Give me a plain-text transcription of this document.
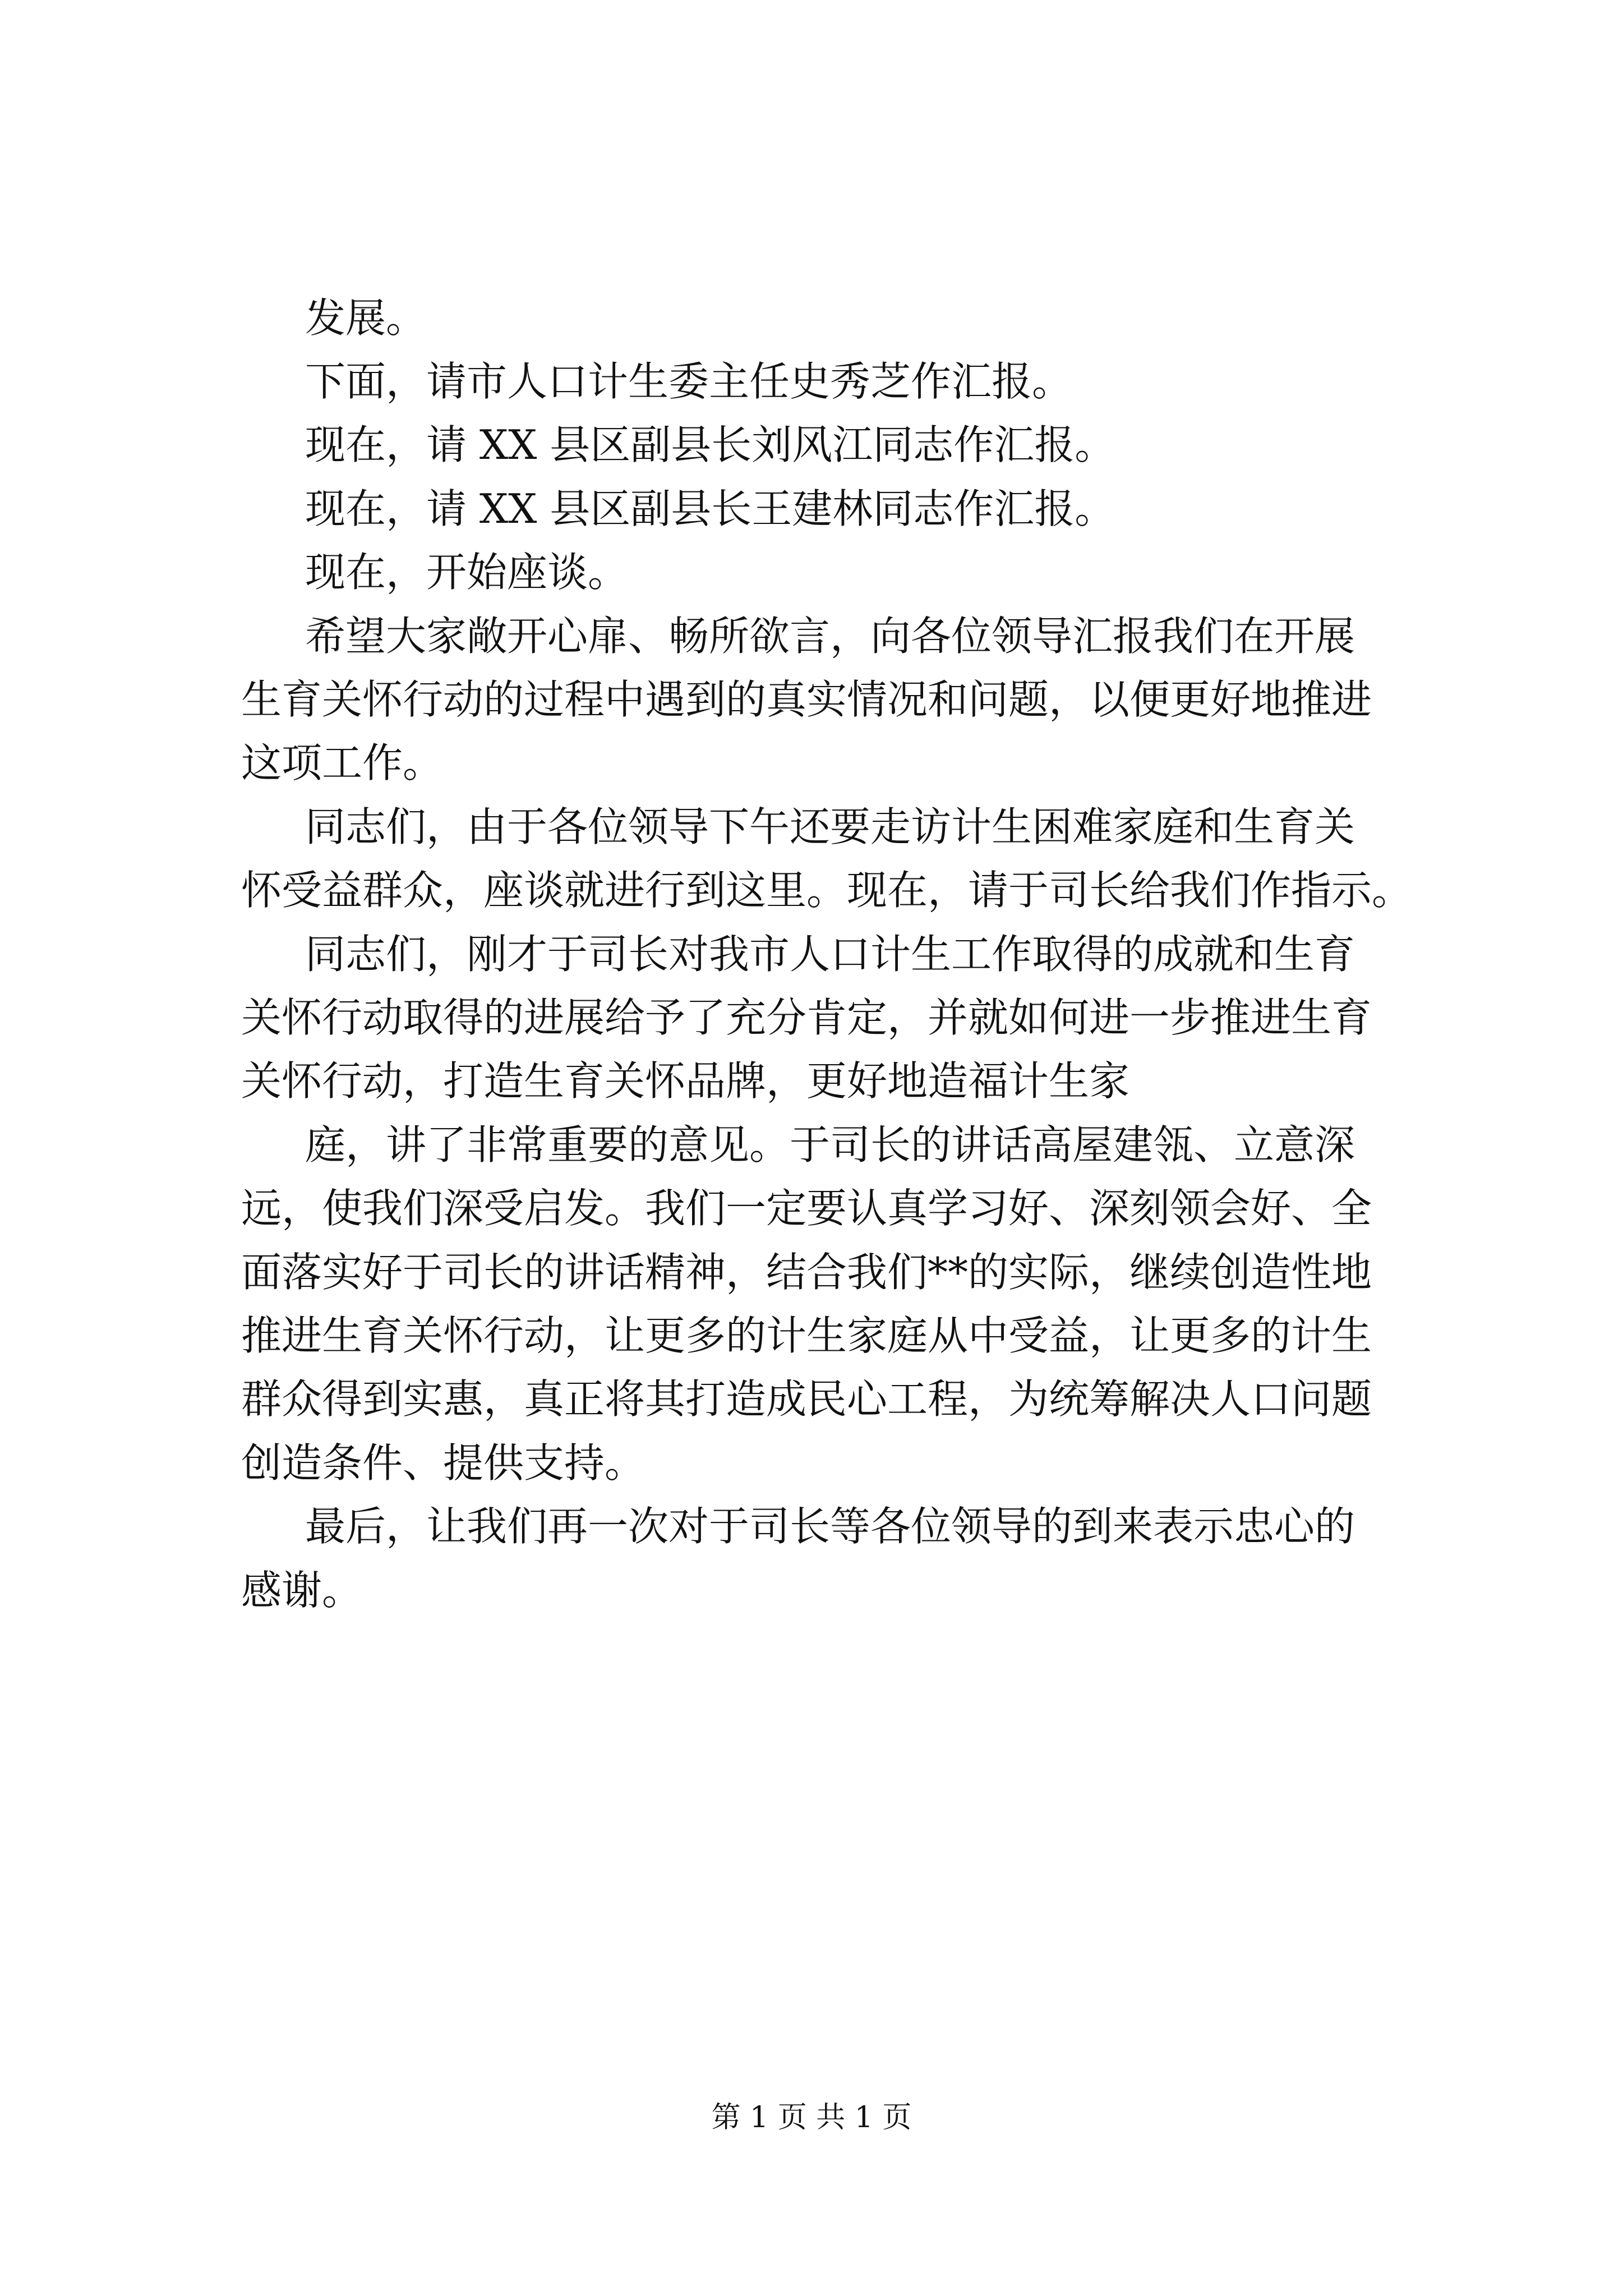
发展。

下面，请市人口计生委主任史秀芝作汇报。

现在，请 XX 县区副县长刘风江同志作汇报。

现在，请 XX 县区副县长王建林同志作汇报。

现在，开始座谈。

希望大家敞开心扉、畅所欲言，向各位领导汇报我们在开展

生育关怀行动的过程中遇到的真实情况和问题，以便更好地推进

这项工作。

同志们，由于各位领导下午还要走访计生困难家庭和生育关

怀受益群众，座谈就进行到这里。现在，请于司长给我们作指示。

同志们，刚才于司长对我市人口计生工作取得的成就和生育

关怀行动取得的进展给予了充分肯定，并就如何进一步推进生育

关怀行动，打造生育关怀品牌，更好地造福计生家

庭，讲了非常重要的意见。于司长的讲话高屋建瓴、立意深

远，使我们深受启发。我们一定要认真学习好、深刻领会好、全

面落实好于司长的讲话精神，结合我们**的实际，继续创造性地

推进生育关怀行动，让更多的计生家庭从中受益，让更多的计生

群众得到实惠，真正将其打造成民心工程，为统筹解决人口问题

创造条件、提供支持。

最后，让我们再一次对于司长等各位领导的到来表示忠心的

感谢。

第 1 页 共 1 页
